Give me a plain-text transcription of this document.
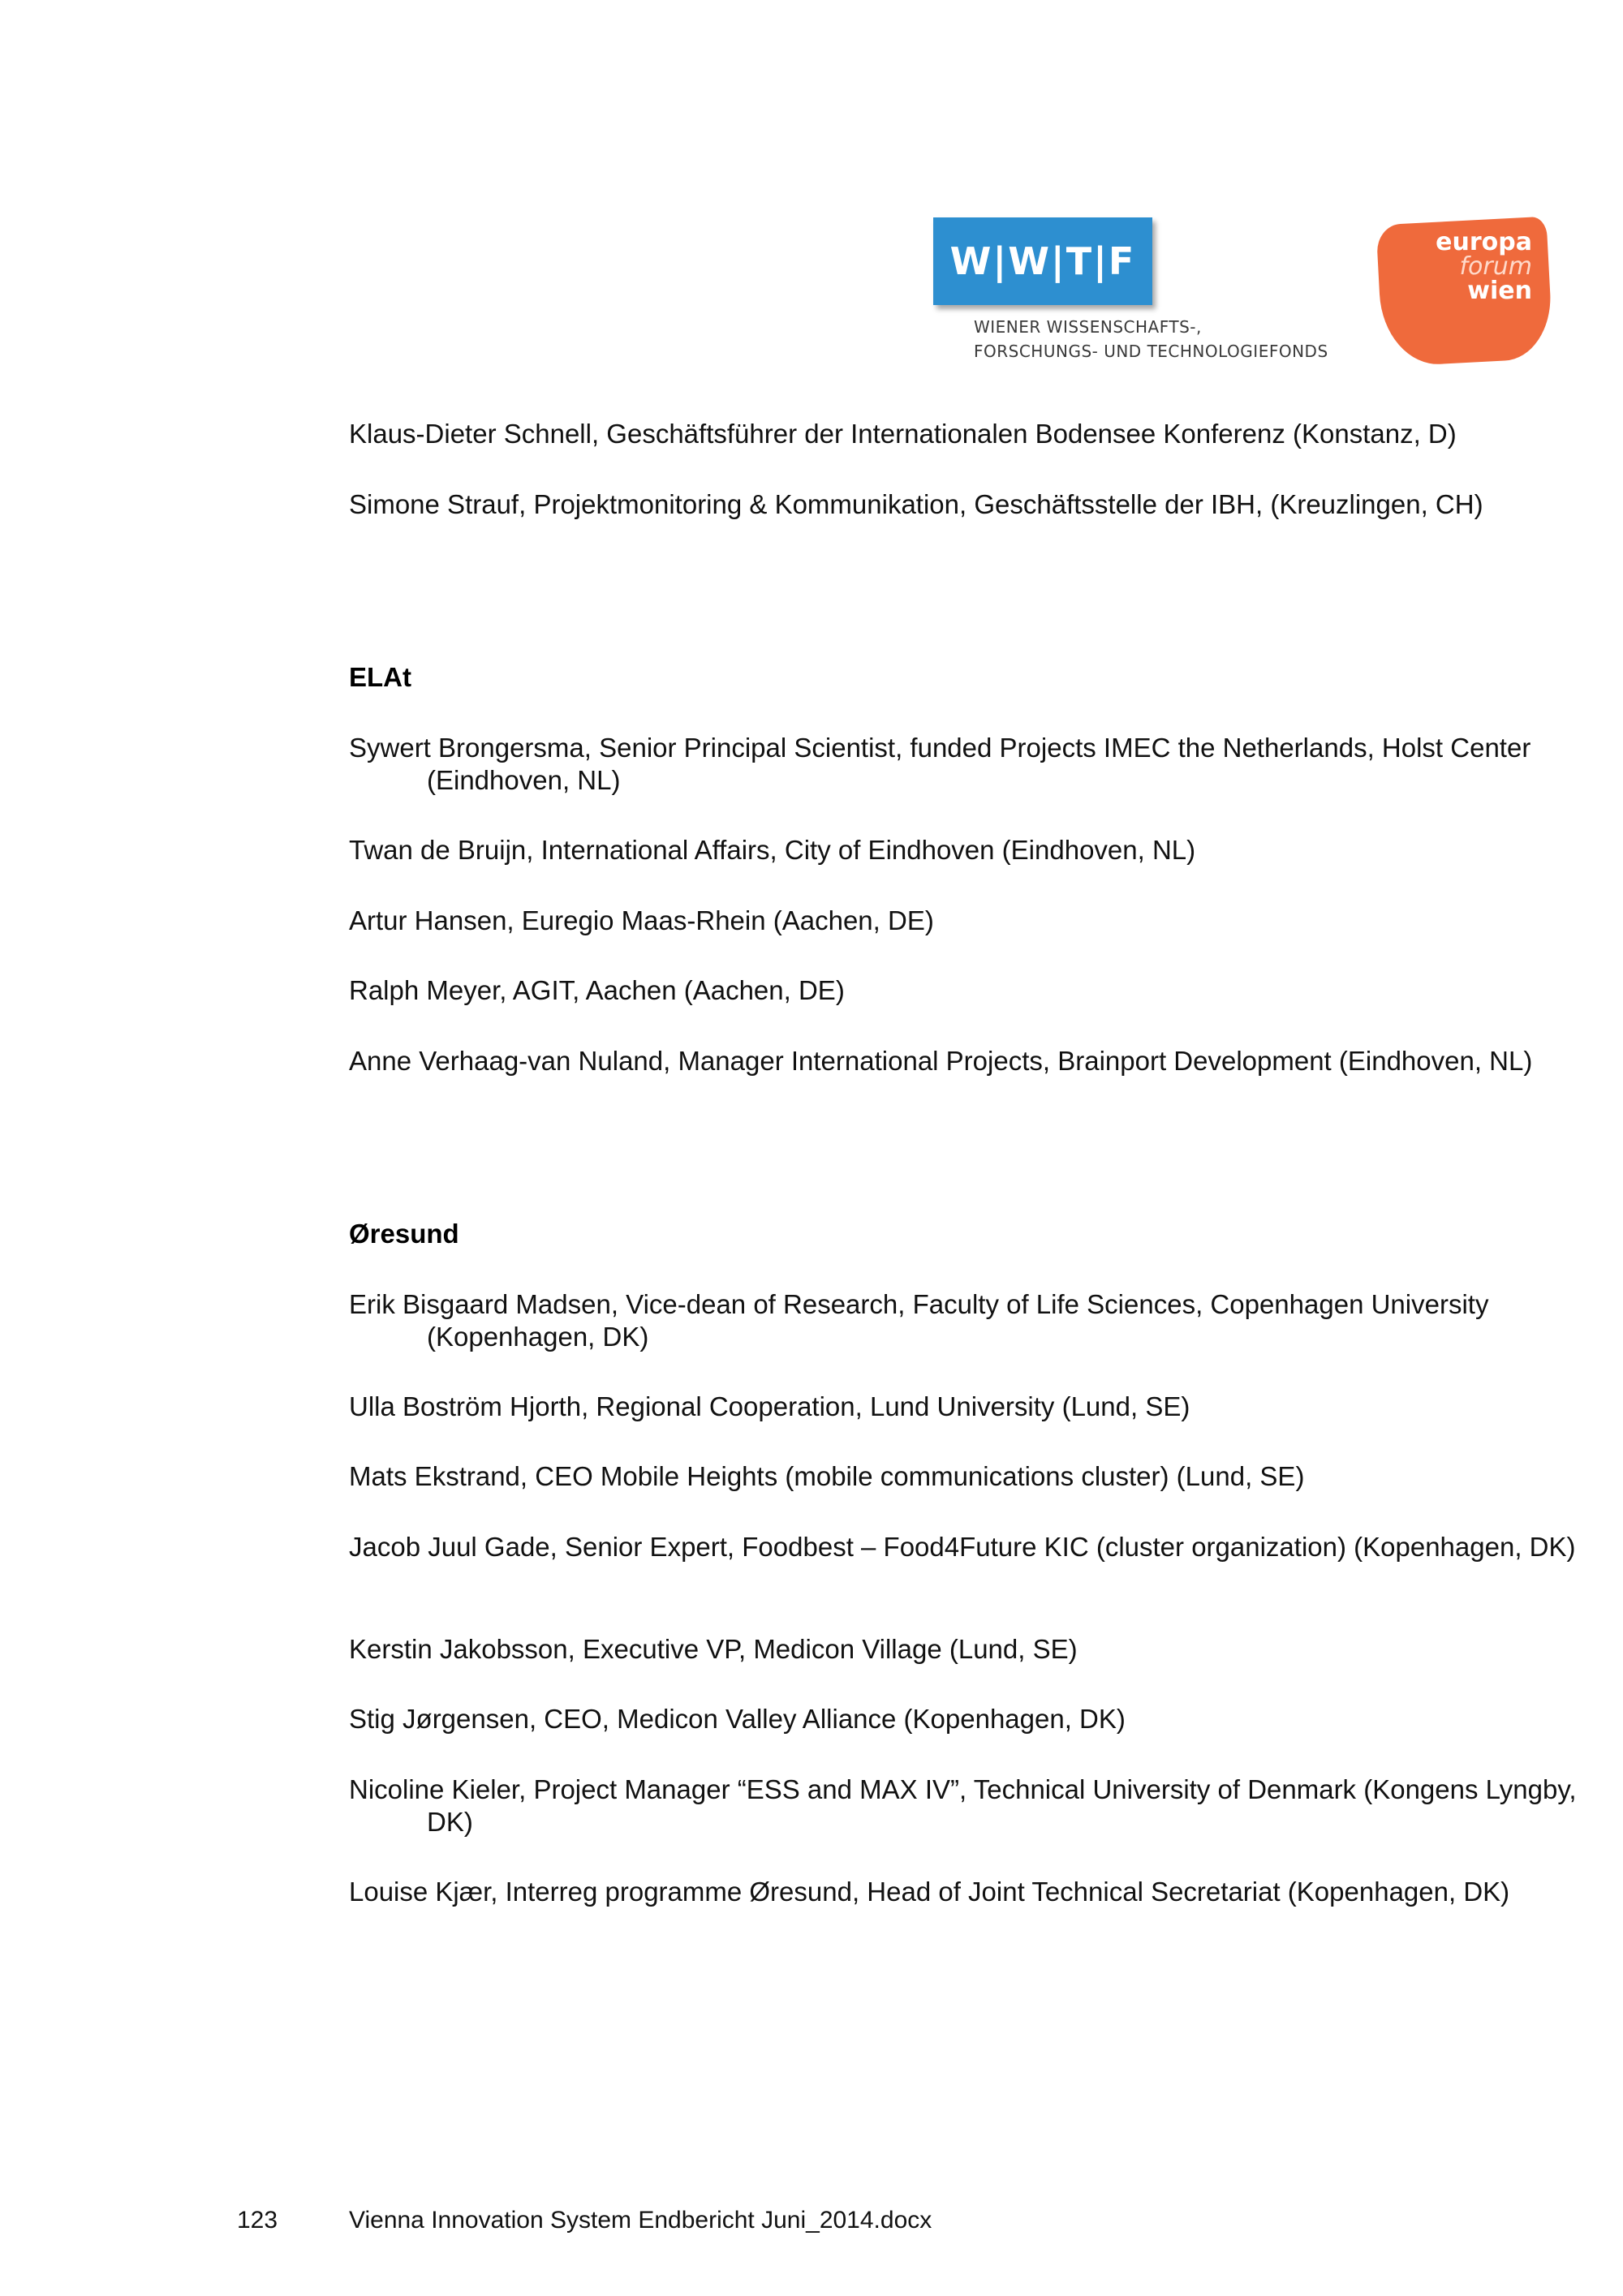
W|W|T|F
WIENER WISSENSCHAFTS-,
FORSCHUNGS- UND TECHNOLOGIEFONDS
europa
forum
wien
Klaus-Dieter Schnell, Geschäftsführer der Internationalen Bodensee Konferenz (Konstanz, D)
Simone Strauf, Projektmonitoring & Kommunikation, Geschäftsstelle der IBH, (Kreuzlingen, CH)
ELAt
Sywert Brongersma, Senior Principal Scientist, funded Projects IMEC the Netherlands, Holst Center (Eindhoven, NL)
Twan de Bruijn, International Affairs, City of Eindhoven (Eindhoven, NL)
Artur Hansen, Euregio Maas-Rhein (Aachen, DE)
Ralph Meyer, AGIT, Aachen (Aachen, DE)
Anne Verhaag-van Nuland, Manager International Projects, Brainport Development (Eindhoven, NL)
Øresund
Erik Bisgaard Madsen, Vice-dean of Research, Faculty of Life Sciences, Copenhagen University (Kopenhagen, DK)
Ulla Boström Hjorth, Regional Cooperation, Lund University (Lund, SE)
Mats Ekstrand, CEO Mobile Heights (mobile communications cluster) (Lund, SE)
Jacob Juul Gade, Senior Expert, Foodbest – Food4Future KIC (cluster organization) (Kopenhagen, DK)
Kerstin Jakobsson, Executive VP, Medicon Village (Lund, SE)
Stig Jørgensen, CEO, Medicon Valley Alliance (Kopenhagen, DK)
Nicoline Kieler, Project Manager “ESS and MAX IV”, Technical University of Denmark (Kongens Lyngby, DK)
Louise Kjær, Interreg programme Øresund, Head of Joint Technical Secretariat (Kopenhagen, DK)
123	Vienna Innovation System Endbericht Juni_2014.docx
